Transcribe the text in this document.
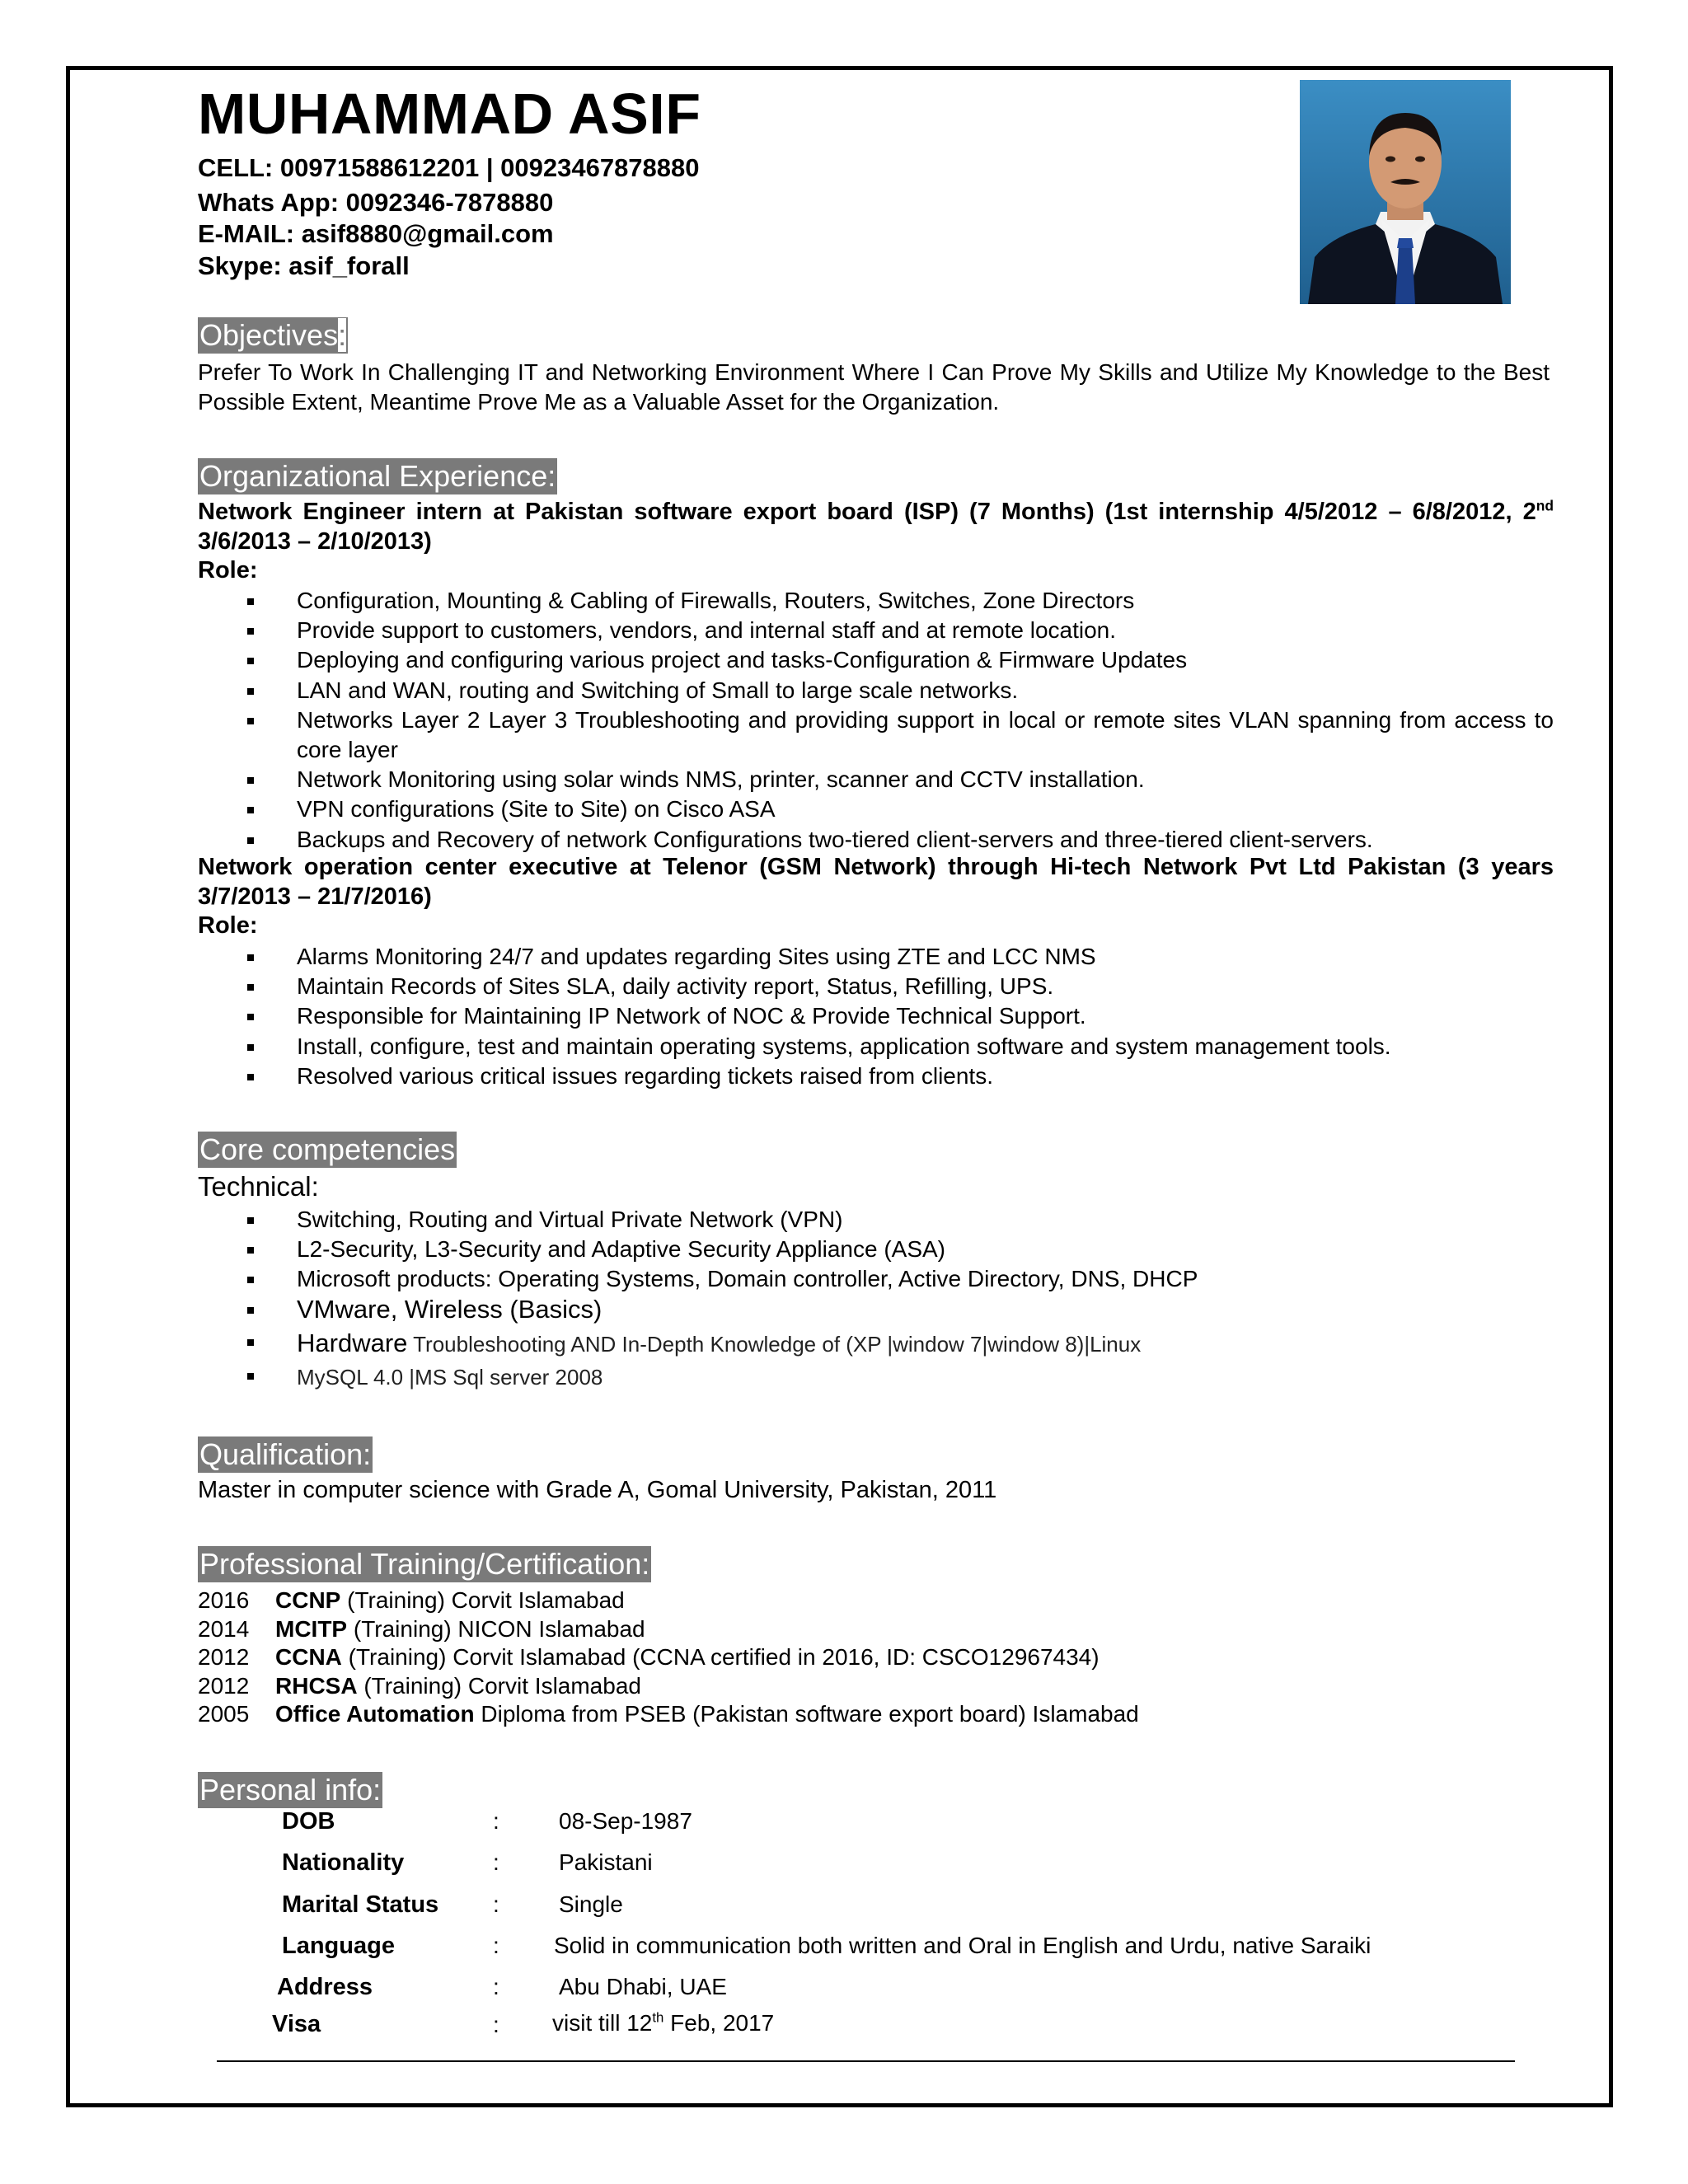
MUHAMMAD ASIF
CELL: 00971588612201 | 00923467878880
Whats App: 0092346-7878880
E-MAIL: asif8880@gmail.com
Skype: asif_forall
Objectives:
Prefer To Work In Challenging IT and Networking Environment Where I Can Prove My Skills and Utilize My Knowledge to the Best Possible Extent, Meantime Prove Me as a Valuable Asset for the Organization.
Organizational Experience:
Network Engineer intern at Pakistan software export board (ISP) (7 Months) (1st internship 4/5/2012 – 6/8/2012, 2nd 3/6/2013 – 2/10/2013)
Role:
Configuration, Mounting & Cabling of Firewalls, Routers, Switches, Zone Directors
Provide support to customers, vendors, and internal staff and at remote location.
Deploying and configuring various project and tasks-Configuration & Firmware Updates
LAN and WAN, routing and Switching of Small to large scale networks.
Networks Layer 2 Layer 3 Troubleshooting and providing support in local or remote sites VLAN spanning from access to core layer
Network Monitoring using solar winds NMS, printer, scanner and CCTV installation.
VPN configurations (Site to Site) on Cisco ASA
Backups and Recovery of network Configurations two-tiered client-servers and three-tiered client-servers.
Network operation center executive at Telenor (GSM Network) through Hi-tech Network Pvt Ltd Pakistan (3 years 3/7/2013 – 21/7/2016)
Role:
Alarms Monitoring 24/7 and updates regarding Sites using ZTE and LCC NMS
Maintain Records of Sites SLA, daily activity report, Status, Refilling, UPS.
Responsible for Maintaining IP Network of NOC & Provide Technical Support.
Install, configure, test and maintain operating systems, application software and system management tools.
Resolved various critical issues regarding tickets raised from clients.
Core competencies
Technical:
Switching, Routing and Virtual Private Network (VPN)
L2-Security, L3-Security and Adaptive Security Appliance (ASA)
Microsoft products: Operating Systems, Domain controller, Active Directory, DNS, DHCP
VMware, Wireless (Basics)
Hardware Troubleshooting AND In-Depth Knowledge of (XP |window 7|window 8)|Linux
MySQL 4.0 |MS Sql server 2008
Qualification:
Master in computer science with Grade A, Gomal University, Pakistan, 2011
Professional Training/Certification:
2016 CCNP (Training) Corvit Islamabad
2014 MCITP (Training) NICON Islamabad
2012 CCNA (Training) Corvit Islamabad (CCNA certified in 2016, ID: CSCO12967434)
2012 RHCSA (Training) Corvit Islamabad
2005 Office Automation Diploma from PSEB (Pakistan software export board) Islamabad
Personal info:
DOB	:	08-Sep-1987
Nationality	:	Pakistani
Marital Status :	Single
Language	: Solid in communication both written and Oral in English and Urdu, native Saraiki
Address	:	Abu Dhabi, UAE
Visa	: visit till 12th Feb, 2017
